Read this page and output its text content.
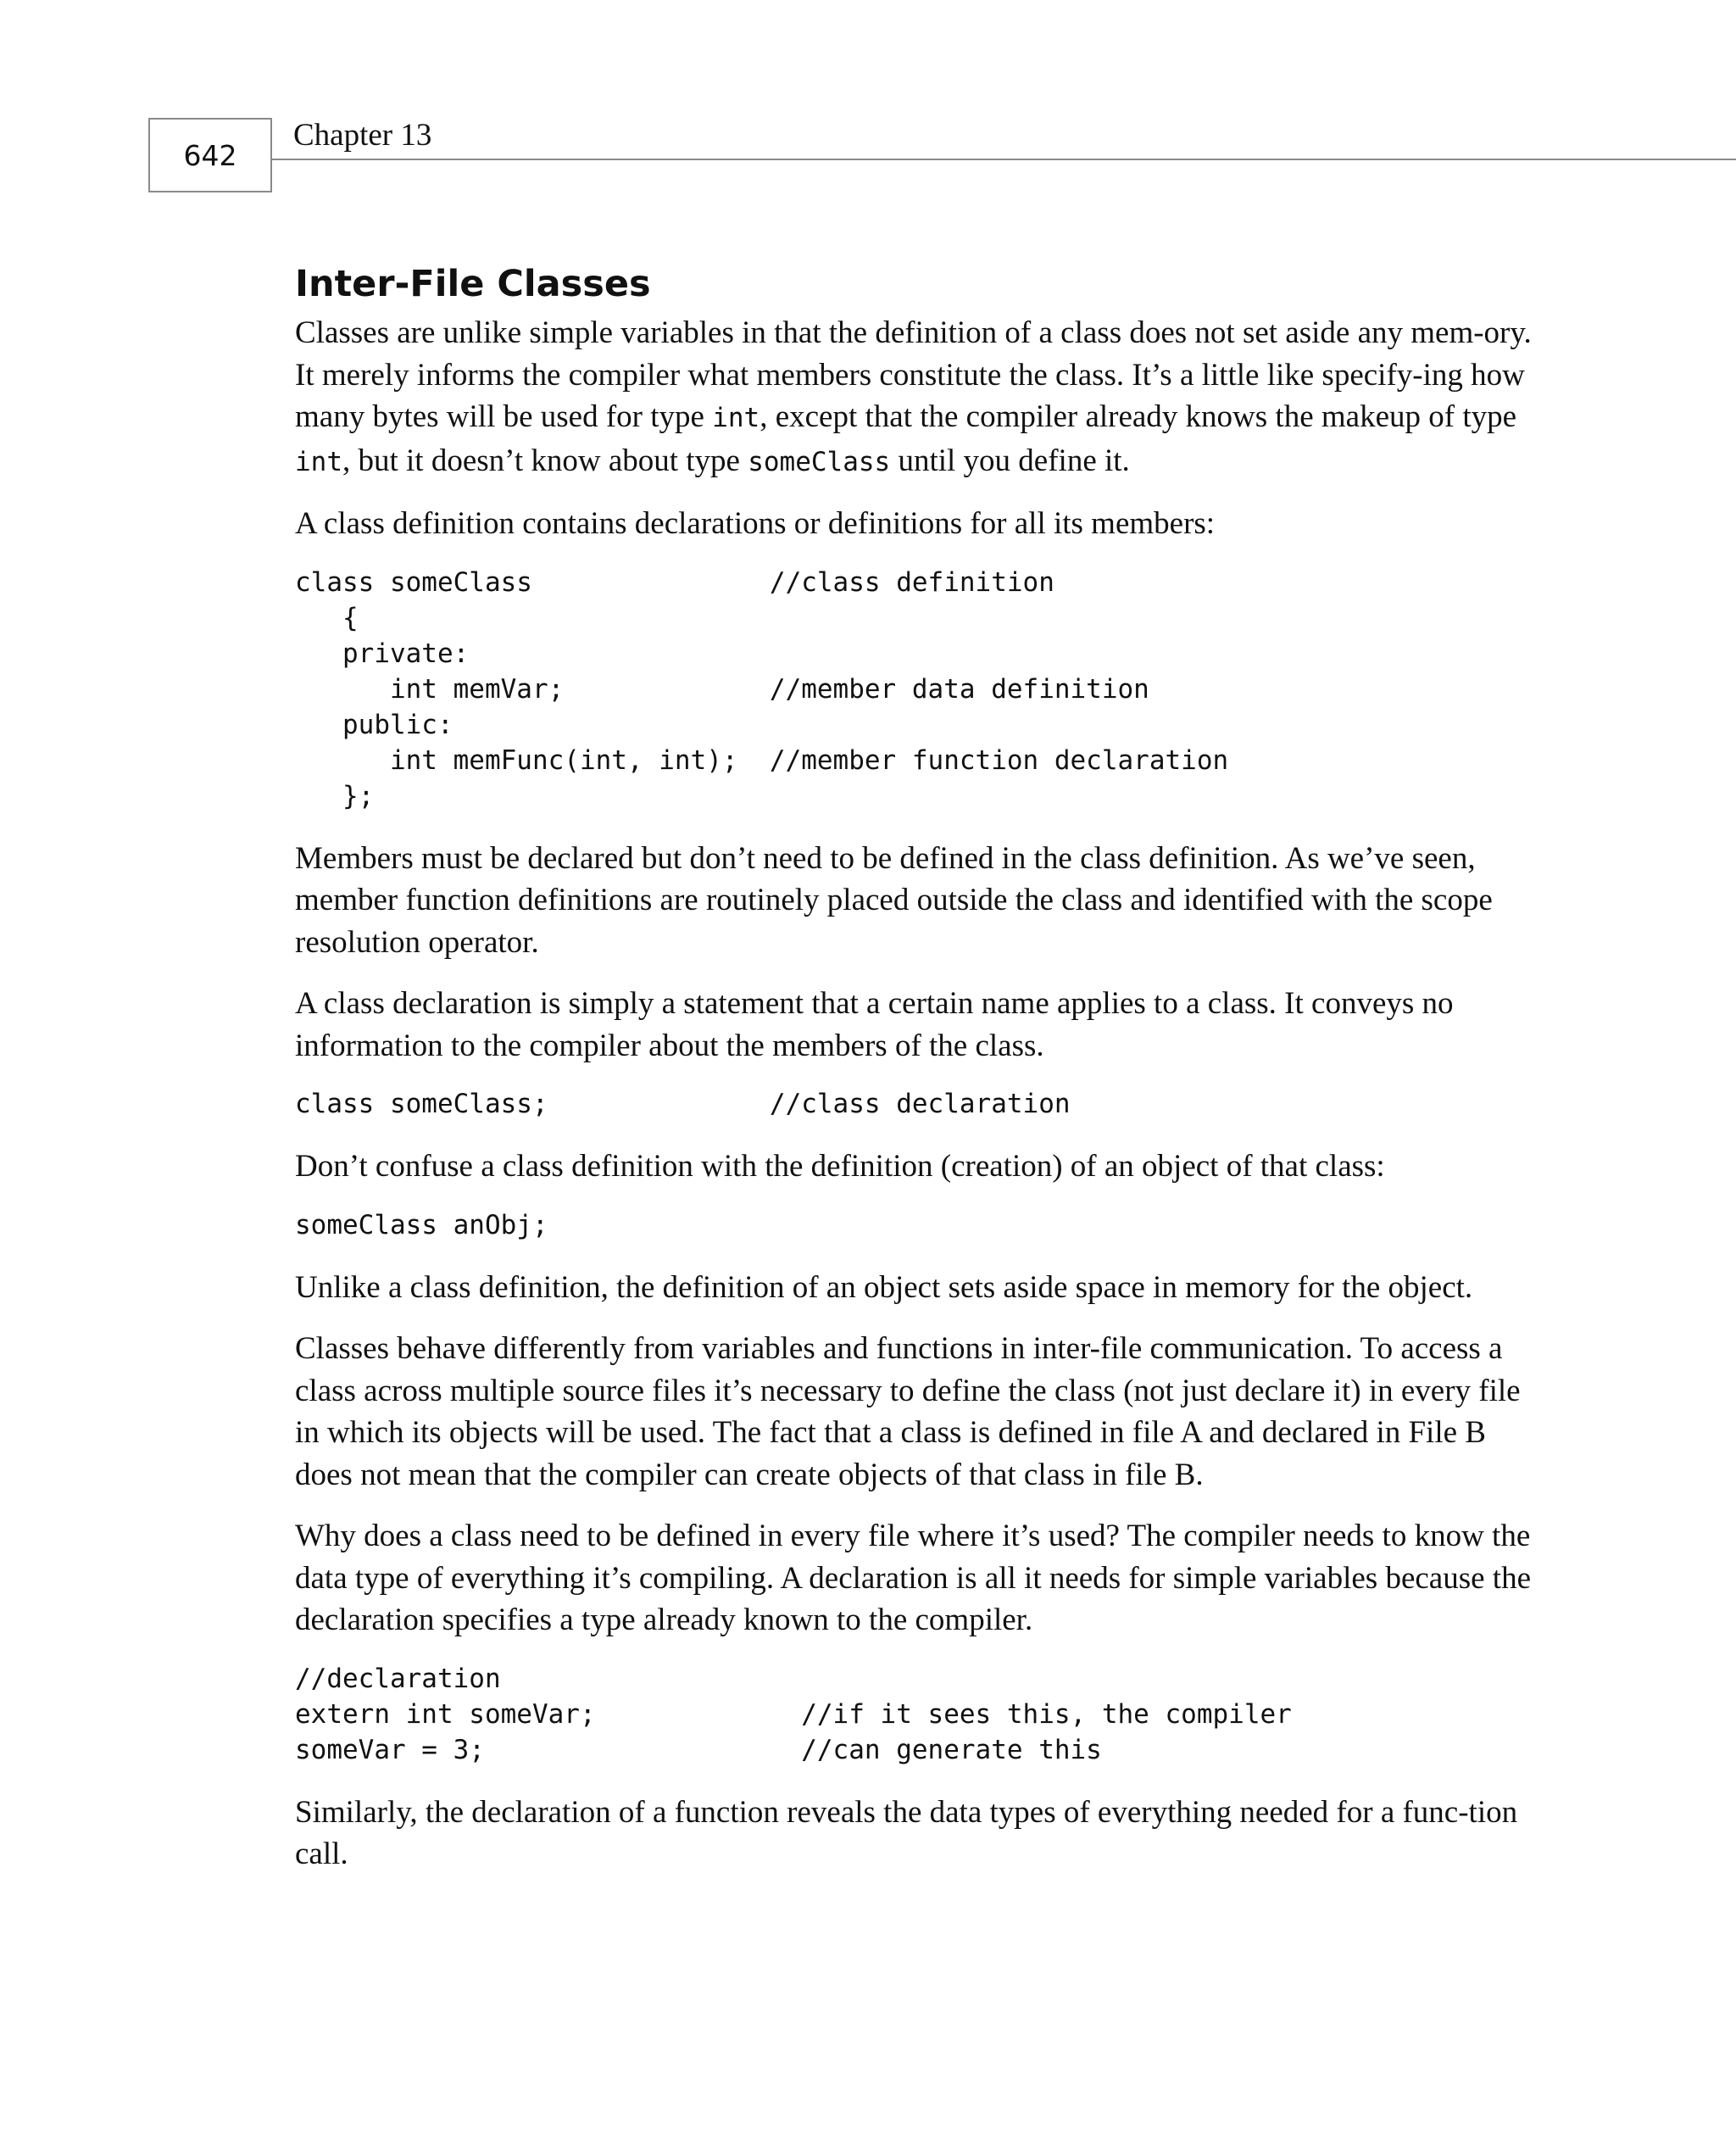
642
Chapter 13
Inter-File Classes

Classes are unlike simple variables in that the definition of a class does not set aside any mem-ory. It merely informs the compiler what members constitute the class. It’s a little like specify-ing how many bytes will be used for type int, except that the compiler already knows the makeup of type int, but it doesn’t know about type someClass until you define it.

A class definition contains declarations or definitions for all its members:

class someClass               //class definition
{
private:
int memVar;             //member data definition
public:
int memFunc(int, int);  //member function declaration
};

Members must be declared but don’t need to be defined in the class definition. As we’ve seen, member function definitions are routinely placed outside the class and identified with the scope resolution operator.

A class declaration is simply a statement that a certain name applies to a class. It conveys no information to the compiler about the members of the class.

class someClass;              //class declaration

Don’t confuse a class definition with the definition (creation) of an object of that class:

someClass anObj;

Unlike a class definition, the definition of an object sets aside space in memory for the object.

Classes behave differently from variables and functions in inter-file communication. To access a class across multiple source files it’s necessary to define the class (not just declare it) in every file in which its objects will be used. The fact that a class is defined in file A and declared in File B does not mean that the compiler can create objects of that class in file B.

Why does a class need to be defined in every file where it’s used? The compiler needs to know the data type of everything it’s compiling. A declaration is all it needs for simple variables because the declaration specifies a type already known to the compiler.

//declaration
extern int someVar;             //if it sees this, the compiler
someVar = 3;                    //can generate this

Similarly, the declaration of a function reveals the data types of everything needed for a func-tion call.
